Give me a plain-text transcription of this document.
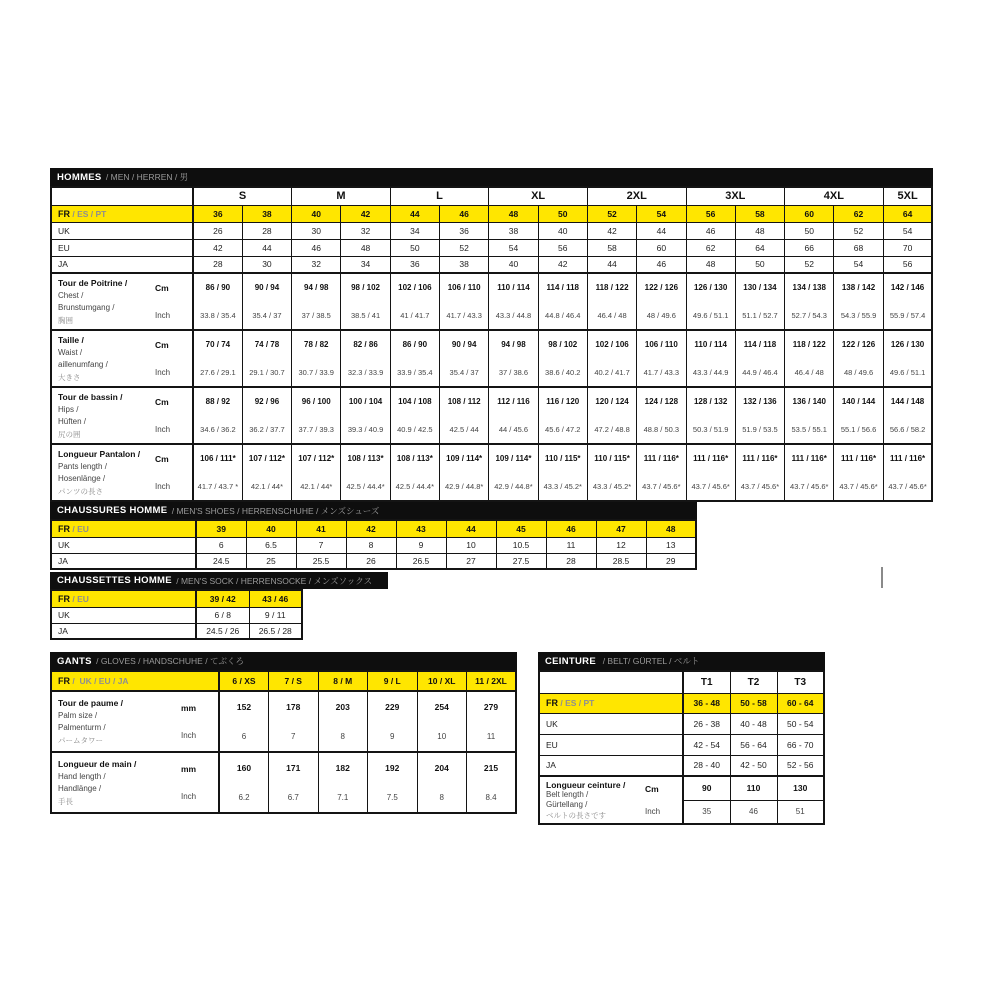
HOMMES / MEN / HERREN / 男
	S		M		L		XL		2XL		3XL		4XL		5XL
FR / ES / PT	36	38	40	42	44	46	48	50	52	54	56	58	60	62	64
UK	26	28	30	32	34	36	38	40	42	44	46	48	50	52	54
EU	42	44	46	48	50	52	54	56	58	60	62	64	66	68	70
JA	28	30	32	34	36	38	40	42	44	46	48	50	52	54	56

Tour de Poitrine /
Chest /
Brunstumgang /
胸囲
Cm
Inch
	86 / 90	90 / 94	94 / 98	98 / 102	102 / 106	106 / 110	110 / 114	114 / 118	118 / 122	122 / 126	126 / 130	130 / 134	134 / 138	138 / 142	142 / 146
	33.8 / 35.4	35.4 / 37	37 / 38.5	38.5 / 41	41 / 41.7	41.7 / 43.3	43.3 / 44.8	44.8 / 46.4	46.4 / 48	48 / 49.6	49.6 / 51.1	51.1 / 52.7	52.7 / 54.3	54.3 / 55.9	55.9 / 57.4

Taille /
Waist /
aillenumfang /
大きさ
Cm
Inch
	70 / 74	74 / 78	78 / 82	82 / 86	86 / 90	90 / 94	94 / 98	98 / 102	102 / 106	106 / 110	110 / 114	114 / 118	118 / 122	122 / 126	126 / 130
	27.6 / 29.1	29.1 / 30.7	30.7 / 33.9	32.3 / 33.9	33.9 / 35.4	35.4 / 37	37 / 38.6	38.6 / 40.2	40.2 / 41.7	41.7 / 43.3	43.3 / 44.9	44.9 / 46.4	46.4 / 48	48 / 49.6	49.6 / 51.1

Tour de bassin /
Hips /
Hüften /
尻の囲
Cm
Inch
	88 / 92	92 / 96	96 / 100	100 / 104	104 / 108	108 / 112	112 / 116	116 / 120	120 / 124	124 / 128	128 / 132	132 / 136	136 / 140	140 / 144	144 / 148
	34.6 / 36.2	36.2 / 37.7	37.7 / 39.3	39.3 / 40.9	40.9 / 42.5	42.5 / 44	44 / 45.6	45.6 / 47.2	47.2 / 48.8	48.8 / 50.3	50.3 / 51.9	51.9 / 53.5	53.5 / 55.1	55.1 / 56.6	56.6 / 58.2

Longueur Pantalon /
Pants length /
Hosenlänge /
パンツの長さ
Cm
Inch
	106 / 111*	107 / 112*	107 / 112*	108 / 113*	108 / 113*	109 / 114*	109 / 114*	110 / 115*	110 / 115*	111 / 116*	111 / 116*	111 / 116*	111 / 116*	111 / 116*	111 / 116*
	41.7 / 43.7 *	42.1 / 44*	42.1 / 44*	42.5 / 44.4*	42.5 / 44.4*	42.9 / 44.8*	42.9 / 44.8*	43.3 / 45.2*	43.3 / 45.2*	43.7 / 45.6*	43.7 / 45.6*	43.7 / 45.6*	43.7 / 45.6*	43.7 / 45.6*	43.7 / 45.6*
CHAUSSURES HOMME / MEN'S SHOES / HERRENSCHUHE / メンズシューズ
FR / EU	39	40	41	42	43	44	45	46	47	48
UK	6	6.5	7	8	9	10	10.5	11	12	13
JA	24.5	25	25.5	26	26.5	27	27.5	28	28.5	29
CHAUSSETTES HOMME / MEN'S SOCK / HERRENSOCKE / メンズソックス
FR / EU	39 / 42	43 / 46
UK	6 / 8	9 / 11
JA	24.5 / 26	26.5 / 28
GANTS / GLOVES / HANDSCHUHE / てぶくろ
FR /  UK / EU / JA	6 / XS	7 / S	8 / M	9 / L	10 / XL	11 / 2XL

Tour de paume /
Palm size /
Palmenturm /
パームタワー
mm
Inch
	152	178	203	229	254	279
	6	7	8	9	10	11

Longueur de main /
Hand length /
Handlänge /
手長
mm
Inch
	160	171	182	192	204	215
	6.2	6.7	7.1	7.5	8	8.4
CEINTURE / BELT/ GÜRTEL / ベルト
	T1	T2	T3
FR / ES / PT	36 - 48	50 - 58	60 - 64
UK	26 - 38	40 - 48	50 - 54
EU	42 - 54	56 - 64	66 - 70
JA	28 - 40	42 - 50	52 - 56

Longueur ceinture /
Belt length /
Gürtellang /
ベルトの長さです
Cm
Inch
	90	110	130
	35	46	51
